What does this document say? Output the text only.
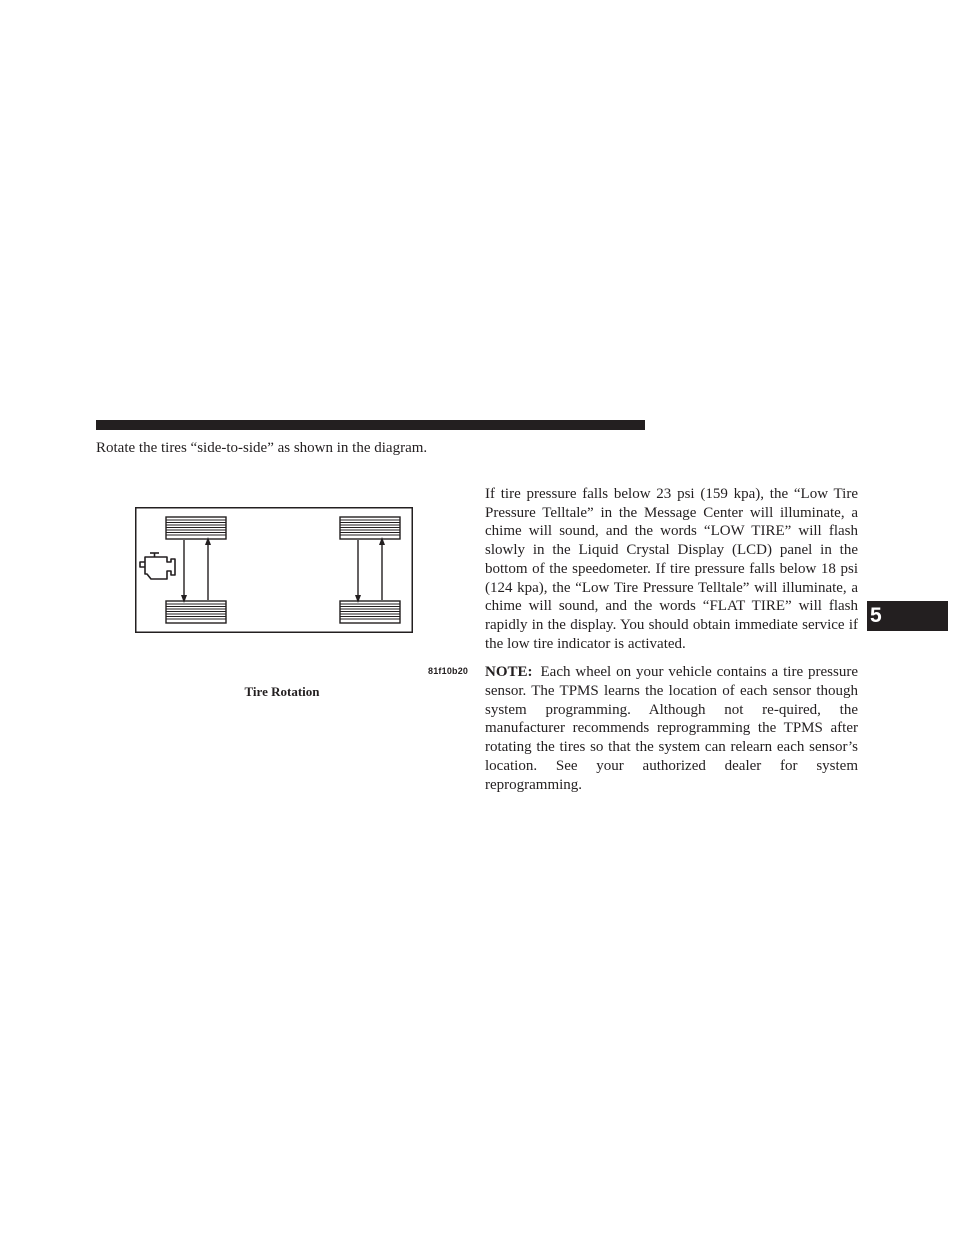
Rotate the tires “side-to-side” as shown in the diagram.
81f10b20
Tire Rotation

If tire pressure falls below 23 psi (159 kpa), the “Low Tire Pressure Telltale” in the Message Center will illuminate, a chime will sound, and the words “LOW TIRE” will flash slowly in the Liquid Crystal Display (LCD) panel in the bottom of the speedometer. If tire pressure falls below 18 psi (124 kpa), the “Low Tire Pressure Telltale” will illuminate, a chime will sound, and the words “FLAT TIRE” will flash rapidly in the display. You should obtain immediate service if the low tire indicator is activated.

NOTE: Each wheel on your vehicle contains a tire pressure sensor. The TPMS learns the location of each sensor though system programming. Although not re-quired, the manufacturer recommends reprogramming the TPMS after rotating the tires so that the system can relearn each sensor’s location. See your authorized dealer for system reprogramming.

5
